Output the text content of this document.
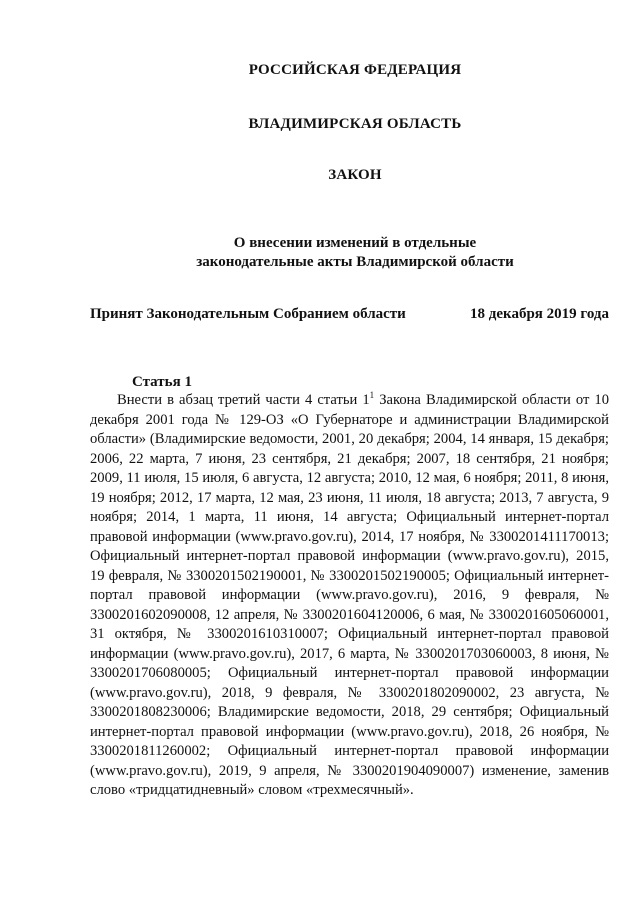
РОССИЙСКАЯ ФЕДЕРАЦИЯ
ВЛАДИМИРСКАЯ ОБЛАСТЬ
ЗАКОН
О внесении изменений в отдельные
законодательные акты Владимирской области
Принят Законодательным Собранием области	18 декабря 2019 года
Статья 1

Внести в абзац третий части 4 статьи $1^1$ Закона Владимирской области от 10 декабря 2001 года № 129-ОЗ «О Губернаторе и администрации Владимирской области» (Владимирские ведомости, 2001, 20 декабря; 2004, 14 января, 15 декабря; 2006, 22 марта, 7 июня, 23 сентября, 21 декабря; 2007, 18 сентября, 21 ноября; 2009, 11 июля, 15 июля, 6 августа, 12 августа; 2010, 12 мая, 6 ноября; 2011, 8 июня, 19 ноября; 2012, 17 марта, 12 мая, 23 июня, 11 июля, 18 августа; 2013, 7 августа, 9 ноября; 2014, 1 марта, 11 июня, 14 августа; Официальный интернет-портал правовой информации (www.pravo.gov.ru), 2014, 17 ноября, № 3300201411170013; Официальный интернет-портал правовой информации (www.pravo.gov.ru), 2015, 19 февраля, № 3300201502190001, № 3300201502190005; Официальный интернет-портал правовой информации (www.pravo.gov.ru), 2016, 9 февраля, № 3300201602090008, 12 апреля, № 3300201604120006, 6 мая, № 3300201605060001, 31 октября, № 3300201610310007; Официальный интернет-портал правовой информации (www.pravo.gov.ru), 2017, 6 марта, № 3300201703060003, 8 июня, № 3300201706080005; Официальный интернет-портал правовой информации (www.pravo.gov.ru), 2018, 9 февраля, № 3300201802090002, 23 августа, № 3300201808230006; Владимирские ведомости, 2018, 29 сентября; Официальный интернет-портал правовой информации (www.pravo.gov.ru), 2018, 26 ноября, № 3300201811260002; Официальный интернет-портал правовой информации (www.pravo.gov.ru), 2019, 9 апреля, № 3300201904090007) изменение, заменив слово «тридцатидневный» словом «трехмесячный».
